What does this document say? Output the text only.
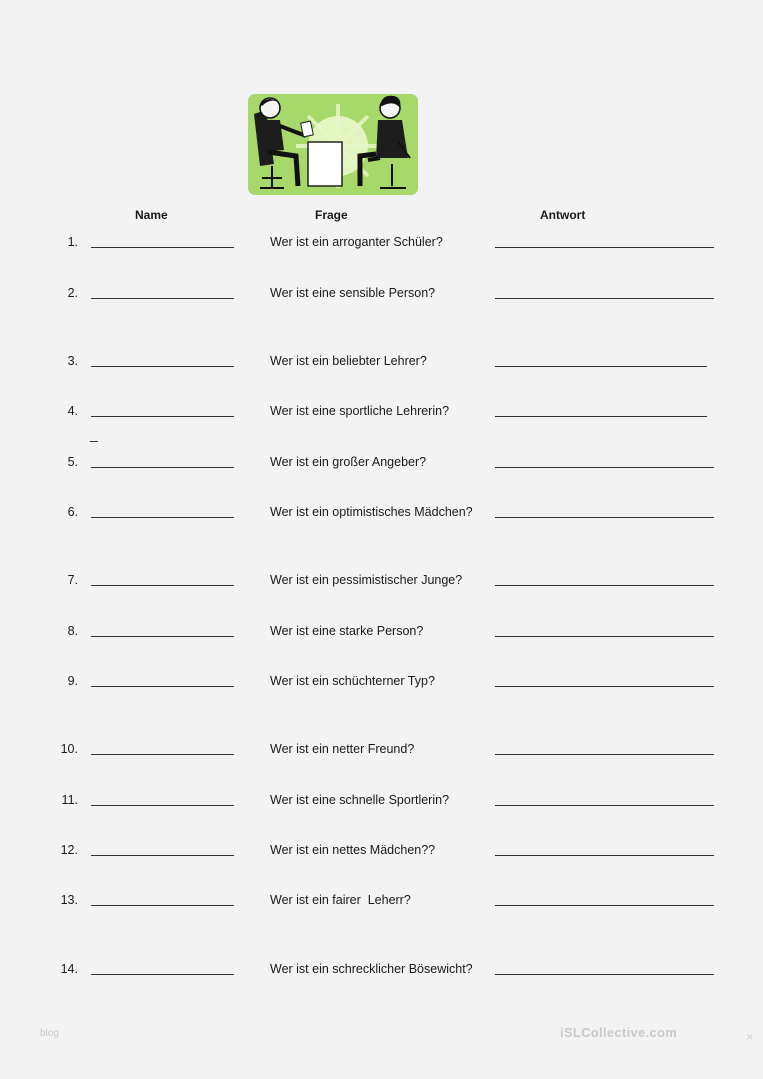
Name	Frage	Antwort
1.	Wer ist ein arroganter Schüler?
2.	Wer ist eine sensible Person?
3.	Wer ist ein beliebter Lehrer?
4.	Wer ist eine sportliche Lehrerin?
5.	Wer ist ein großer Angeber?
6.	Wer ist ein optimistisches Mädchen?
7.	Wer ist ein pessimistischer Junge?
8.	Wer ist eine starke Person?
9.	Wer ist ein schüchterner Typ?
10.	Wer ist ein netter Freund?
11.	Wer ist eine schnelle Sportlerin?
12.	Wer ist ein nettes Mädchen??
13.	Wer ist ein fairer  Leherr?
14.	Wer ist ein schrecklicher Bösewicht?
blog	iSLCollective.com	✕
